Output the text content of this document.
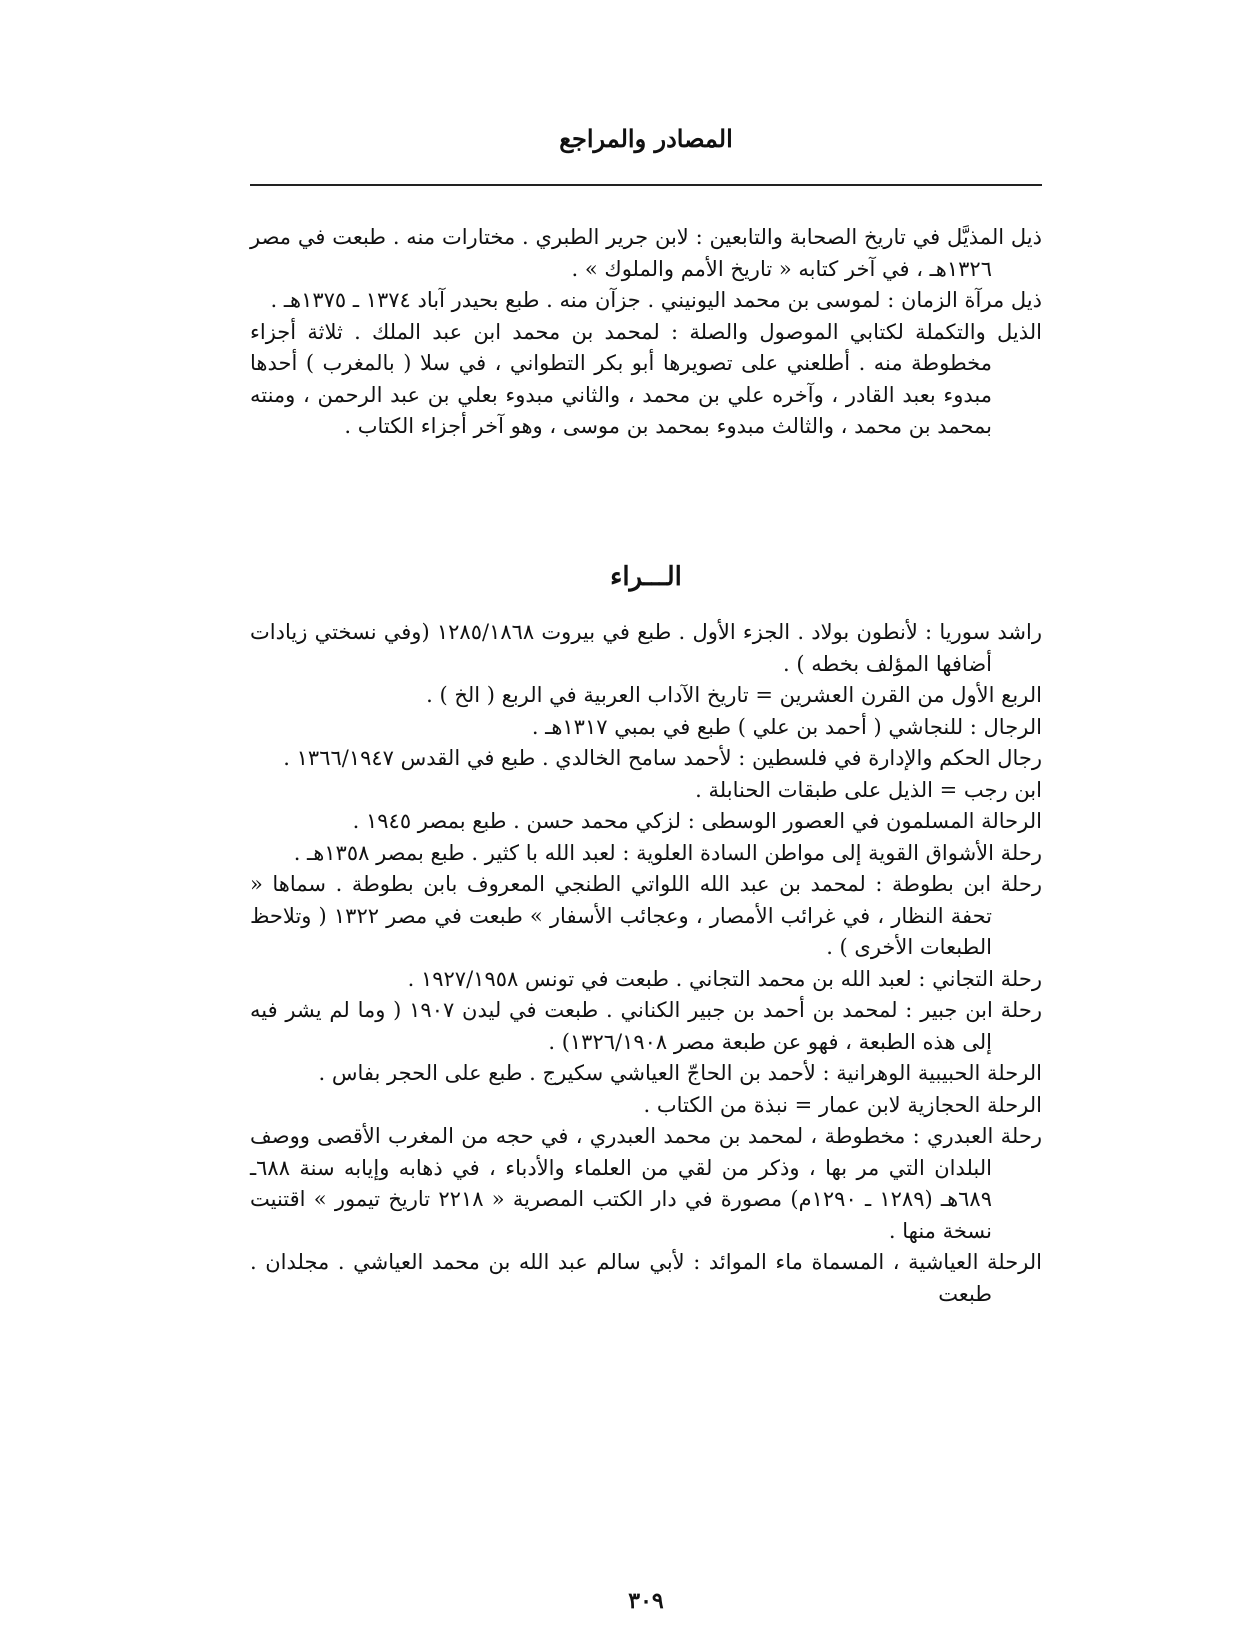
المصادر والمراجع

ذيل المذيَّل في تاريخ الصحابة والتابعين : لابن جرير الطبري . مختارات منه . طبعت في مصر ١٣٢٦هـ ، في آخر كتابه « تاريخ الأمم والملوك » .

ذيل مرآة الزمان : لموسى بن محمد اليونيني . جزآن منه . طبع بحيدر آباد ١٣٧٤ ـ ١٣٧٥هـ .

الذيل والتكملة لكتابي الموصول والصلة : لمحمد بن محمد ابن عبد الملك . ثلاثة أجزاء مخطوطة منه . أطلعني على تصويرها أبو بكر التطواني ، في سلا ( بالمغرب ) أحدها مبدوء بعبد القادر ، وآخره علي بن محمد ، والثاني مبدوء بعلي بن عبد الرحمن ، ومنته بمحمد بن محمد ، والثالث مبدوء بمحمد بن موسى ، وهو آخر أجزاء الكتاب .

الـــراء

راشد سوريا : لأنطون بولاد . الجزء الأول . طبع في بيروت ١٢٨٥/١٨٦٨ (وفي نسختي زيادات أضافها المؤلف بخطه ) .

الربع الأول من القرن العشرين = تاريخ الآداب العربية في الربع ( الخ ) .

الرجال : للنجاشي ( أحمد بن علي ) طبع في بمبي ١٣١٧هـ .

رجال الحكم والإدارة في فلسطين : لأحمد سامح الخالدي . طبع في القدس ١٣٦٦/١٩٤٧ .

ابن رجب = الذيل على طبقات الحنابلة .

الرحالة المسلمون في العصور الوسطى : لزكي محمد حسن . طبع بمصر ١٩٤٥ .

رحلة الأشواق القوية إلى مواطن السادة العلوية : لعبد الله با كثير . طبع بمصر ١٣٥٨هـ .

رحلة ابن بطوطة : لمحمد بن عبد الله اللواتي الطنجي المعروف بابن بطوطة . سماها « تحفة النظار ، في غرائب الأمصار ، وعجائب الأسفار » طبعت في مصر ١٣٢٢ ( وتلاحظ الطبعات الأخرى ) .

رحلة التجاني : لعبد الله بن محمد التجاني . طبعت في تونس ١٩٢٧/١٩٥٨ .

رحلة ابن جبير : لمحمد بن أحمد بن جبير الكناني . طبعت في ليدن ١٩٠٧ ( وما لم يشر فيه إلى هذه الطبعة ، فهو عن طبعة مصر ١٣٢٦/١٩٠٨) .

الرحلة الحبيبية الوهرانية : لأحمد بن الحاجّ العياشي سكيرج . طبع على الحجر بفاس .

الرحلة الحجازية لابن عمار = نبذة من الكتاب .

رحلة العبدري : مخطوطة ، لمحمد بن محمد العبدري ، في حجه من المغرب الأقصى ووصف البلدان التي مر بها ، وذكر من لقي من العلماء والأدباء ، في ذهابه وإيابه سنة ٦٨٨ـ ٦٨٩هـ (١٢٨٩ ـ ١٢٩٠م) مصورة في دار الكتب المصرية « ٢٢١٨ تاريخ تيمور » اقتنيت نسخة منها .

الرحلة العياشية ، المسماة ماء الموائد : لأبي سالم عبد الله بن محمد العياشي . مجلدان . طبعت

٣٠٩
